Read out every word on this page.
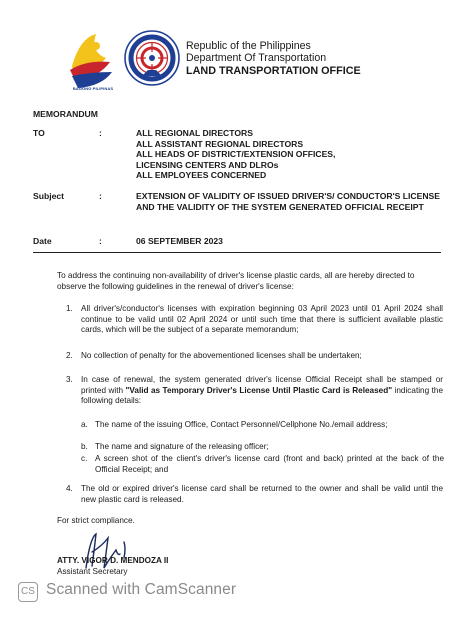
BAGONG PILIPINAS
Republic of the Philippines
Department Of Transportation
LAND TRANSPORTATION OFFICE
MEMORANDUM
TO	:	ALL REGIONAL DIRECTORS
ALL ASSISTANT REGIONAL DIRECTORS
ALL HEADS OF DISTRICT/EXTENSION OFFICES,
LICENSING CENTERS AND DLROs
ALL EMPLOYEES CONCERNED
Subject	:	EXTENSION OF VALIDITY OF ISSUED DRIVER'S/ CONDUCTOR'S LICENSE AND THE VALIDITY OF THE SYSTEM GENERATED OFFICIAL RECEIPT
Date	:	06 SEPTEMBER 2023
To address the continuing non-availability of driver's license plastic cards, all are hereby directed to observe the following guidelines in the renewal of driver's license:
1. All driver's/conductor's licenses with expiration beginning 03 April 2023 until 01 April 2024 shall continue to be valid until 02 April 2024 or until such time that there is sufficient available plastic cards, which will be the subject of a separate memorandum;
2. No collection of penalty for the abovementioned licenses shall be undertaken;
3. In case of renewal, the system generated driver's license Official Receipt shall be stamped or printed with "Valid as Temporary Driver's License Until Plastic Card is Released" indicating the following details:
a. The name of the issuing Office, Contact Personnel/Cellphone No./email address;
b. The name and signature of the releasing officer;
c. A screen shot of the client's driver's license card (front and back) printed at the back of the Official Receipt; and
4. The old or expired driver's license card shall be returned to the owner and shall be valid until the new plastic card is released.
For strict compliance.
ATTY. VIGOR D. MENDOZA II
Assistant Secretary
CS Scanned with CamScanner
